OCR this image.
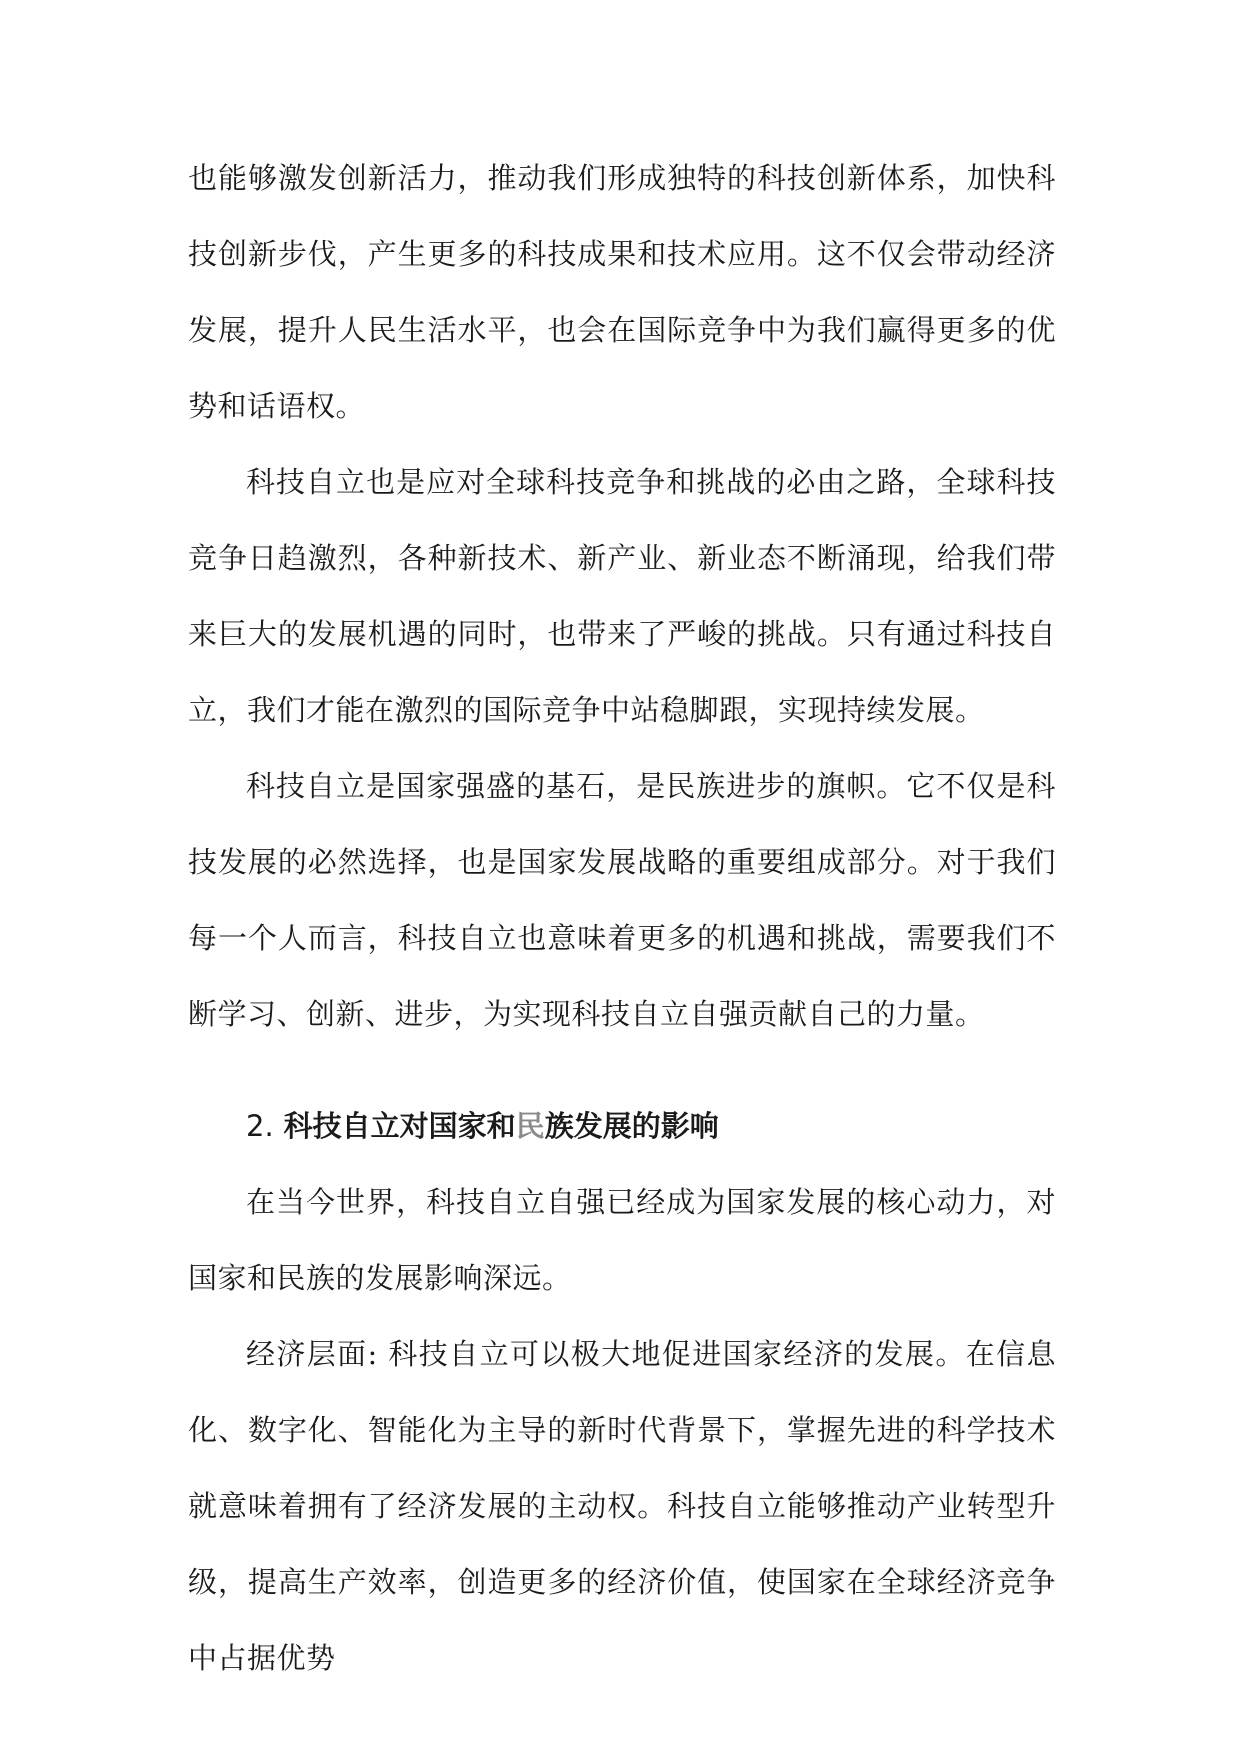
也能够激发创新活力，推动我们形成独特的科技创新体系，加快科技创新步伐，产生更多的科技成果和技术应用。这不仅会带动经济发展，提升人民生活水平，也会在国际竞争中为我们赢得更多的优势和话语权。

科技自立也是应对全球科技竞争和挑战的必由之路，全球科技竞争日趋激烈，各种新技术、新产业、新业态不断涌现，给我们带来巨大的发展机遇的同时，也带来了严峻的挑战。只有通过科技自立，我们才能在激烈的国际竞争中站稳脚跟，实现持续发展。

科技自立是国家强盛的基石，是民族进步的旗帜。它不仅是科技发展的必然选择，也是国家发展战略的重要组成部分。对于我们每一个人而言，科技自立也意味着更多的机遇和挑战，需要我们不断学习、创新、进步，为实现科技自立自强贡献自己的力量。

2. 科技自立对国家和民族发展的影响

在当今世界，科技自立自强已经成为国家发展的核心动力，对国家和民族的发展影响深远。

经济层面: 科技自立可以极大地促进国家经济的发展。在信息化、数字化、智能化为主导的新时代背景下，掌握先进的科学技术就意味着拥有了经济发展的主动权。科技自立能够推动产业转型升级，提高生产效率，创造更多的经济价值，使国家在全球经济竞争中占据优势
